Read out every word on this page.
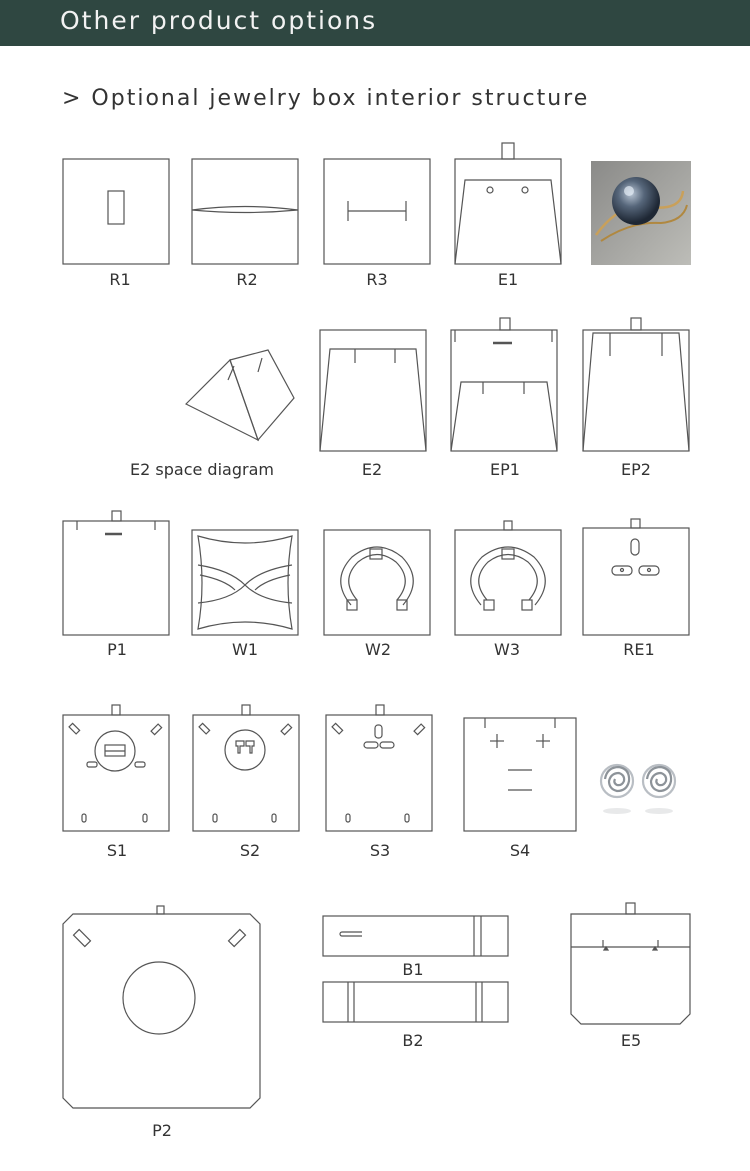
Other product options
> Optional jewelry box interior structure
R1	R2	R3	E1
E2 space diagram	E2	EP1	EP2
P1	W1	W2	W3	RE1
S1	S2	S3	S4
P2
B1
B2	E5
